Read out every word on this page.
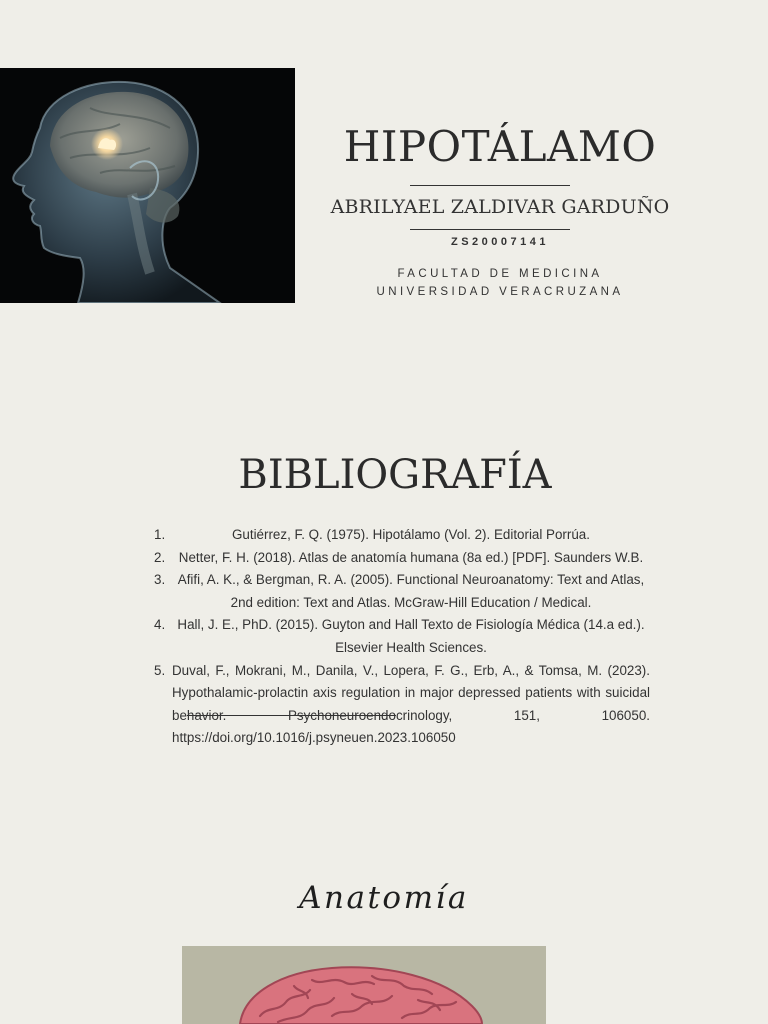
HIPOTÁLAMO
ABRILYAEL ZALDIVAR GARDUÑO
ZS20007141
FACULTAD DE MEDICINA
UNIVERSIDAD VERACRUZANA
BIBLIOGRAFÍA
1.	Gutiérrez, F. Q. (1975). Hipotálamo (Vol. 2). Editorial Porrúa.
2.	Netter, F. H. (2018). Atlas de anatomía humana (8a ed.) [PDF]. Saunders W.B.
3. Afifi, A. K., & Bergman, R. A. (2005). Functional Neuroanatomy: Text and Atlas, 2nd edition: Text and Atlas. McGraw-Hill Education / Medical.
4. Hall, J. E., PhD. (2015). Guyton and Hall Texto de Fisiología Médica (14.a ed.). Elsevier Health Sciences.
5. Duval, F., Mokrani, M., Danila, V., Lopera, F. G., Erb, A., & Tomsa, M. (2023). Hypothalamic-prolactin axis regulation in major depressed patients with suicidal behavior. Psychoneuroendocrinology, 151, 106050. https://doi.org/10.1016/j.psyneuen.2023.106050
Anatomía
